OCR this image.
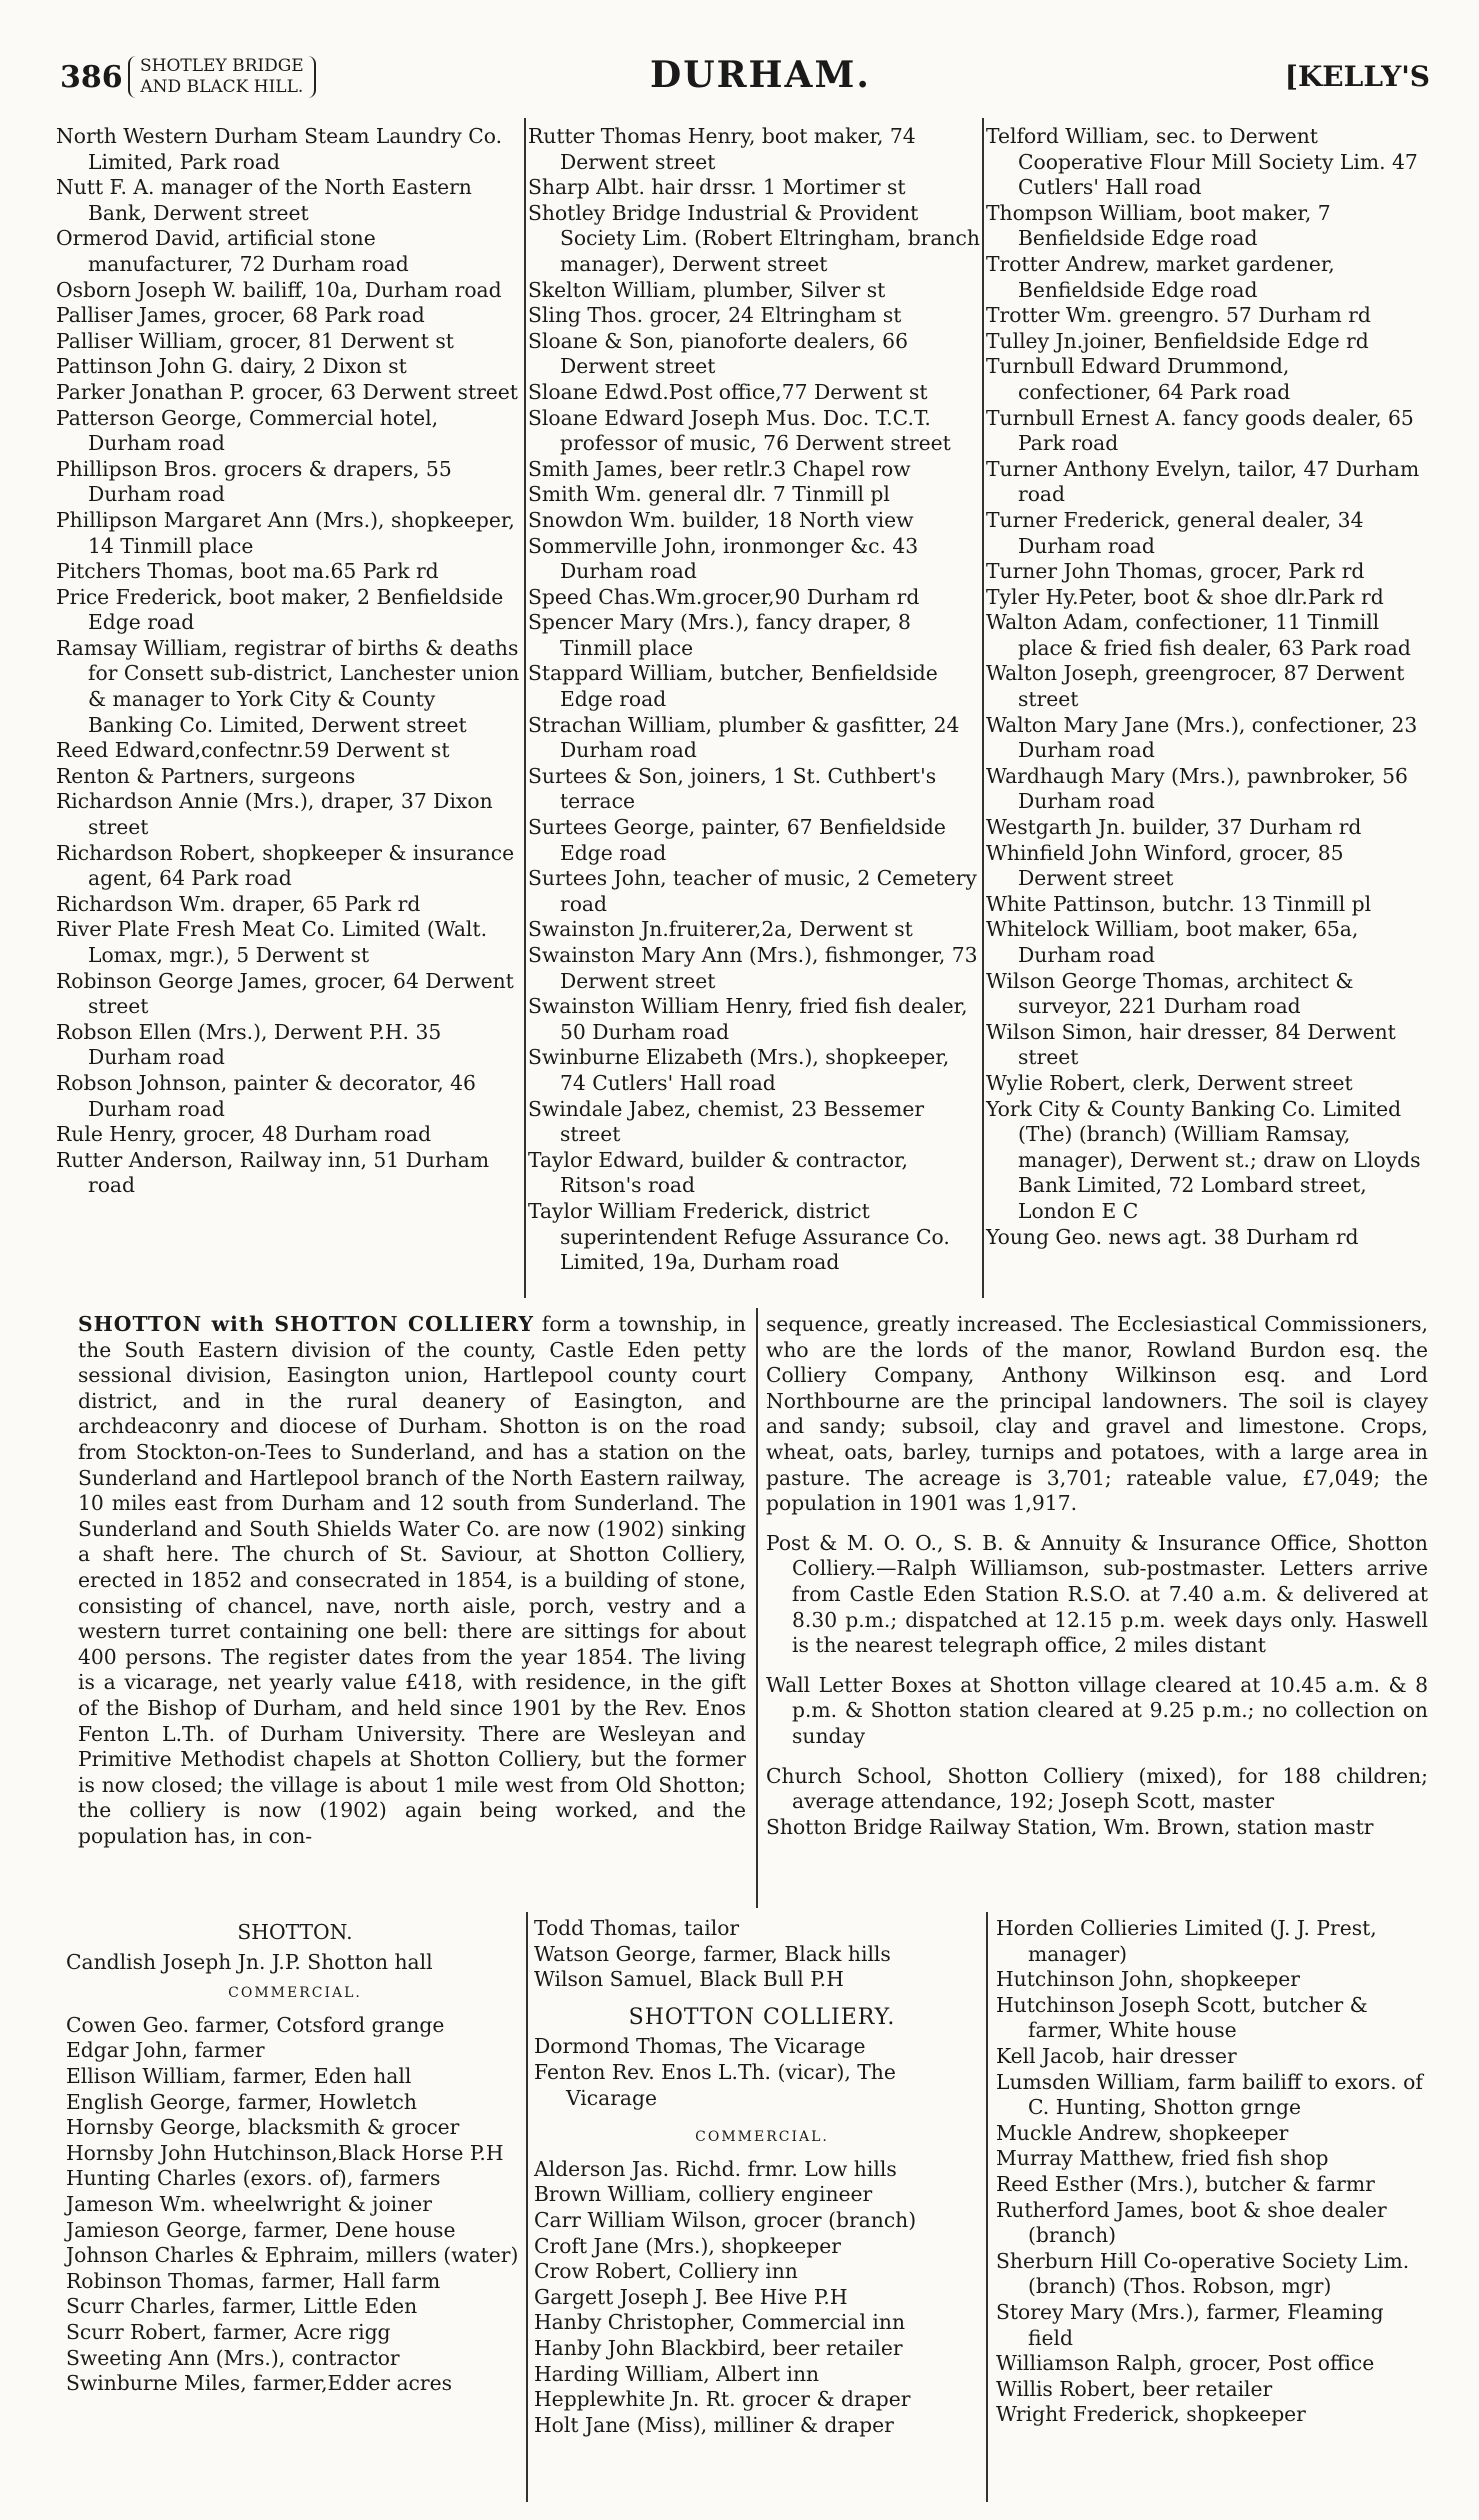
386 SHOTLEY BRIDGE
AND BLACK HILL.	DURHAM.	[KELLY'S

North Western Durham Steam Laundry Co. Limited, Park road

Nutt F. A. manager of the North Eastern Bank, Derwent street

Ormerod David, artificial stone manufacturer, 72 Durham road

Osborn Joseph W. bailiff, 10a, Durham road

Palliser James, grocer, 68 Park road

Palliser William, grocer, 81 Derwent st

Pattinson John G. dairy, 2 Dixon st

Parker Jonathan P. grocer, 63 Derwent street

Patterson George, Commercial hotel, Durham road

Phillipson Bros. grocers & drapers, 55 Durham road

Phillipson Margaret Ann (Mrs.), shopkeeper, 14 Tinmill place

Pitchers Thomas, boot ma.65 Park rd

Price Frederick, boot maker, 2 Benfieldside Edge road

Ramsay William, registrar of births & deaths for Consett sub-district, Lanchester union & manager to York City & County Banking Co. Limited, Derwent street

Reed Edward,confectnr.59 Derwent st

Renton & Partners, surgeons

Richardson Annie (Mrs.), draper, 37 Dixon street

Richardson Robert, shopkeeper & insurance agent, 64 Park road

Richardson Wm. draper, 65 Park rd

River Plate Fresh Meat Co. Limited (Walt. Lomax, mgr.), 5 Derwent st

Robinson George James, grocer, 64 Derwent street

Robson Ellen (Mrs.), Derwent P.H. 35 Durham road

Robson Johnson, painter & decorator, 46 Durham road

Rule Henry, grocer, 48 Durham road

Rutter Anderson, Railway inn, 51 Durham road

Rutter Thomas Henry, boot maker, 74 Derwent street

Sharp Albt. hair drssr. 1 Mortimer st

Shotley Bridge Industrial & Provident Society Lim. (Robert Eltringham, branch manager), Derwent street

Skelton William, plumber, Silver st

Sling Thos. grocer, 24 Eltringham st

Sloane & Son, pianoforte dealers, 66 Derwent street

Sloane Edwd.Post office,77 Derwent st

Sloane Edward Joseph Mus. Doc. T.C.T. professor of music, 76 Derwent street

Smith James, beer retlr.3 Chapel row

Smith Wm. general dlr. 7 Tinmill pl

Snowdon Wm. builder, 18 North view

Sommerville John, ironmonger &c. 43 Durham road

Speed Chas.Wm.grocer,90 Durham rd

Spencer Mary (Mrs.), fancy draper, 8 Tinmill place

Stappard William, butcher, Benfieldside Edge road

Strachan William, plumber & gasfitter, 24 Durham road

Surtees & Son, joiners, 1 St. Cuthbert's terrace

Surtees George, painter, 67 Benfieldside Edge road

Surtees John, teacher of music, 2 Cemetery road

Swainston Jn.fruiterer,2a, Derwent st

Swainston Mary Ann (Mrs.), fishmonger, 73 Derwent street

Swainston William Henry, fried fish dealer, 50 Durham road

Swinburne Elizabeth (Mrs.), shopkeeper, 74 Cutlers' Hall road

Swindale Jabez, chemist, 23 Bessemer street

Taylor Edward, builder & contractor, Ritson's road

Taylor William Frederick, district superintendent Refuge Assurance Co. Limited, 19a, Durham road

Telford William, sec. to Derwent Cooperative Flour Mill Society Lim. 47 Cutlers' Hall road

Thompson William, boot maker, 7 Benfieldside Edge road

Trotter Andrew, market gardener, Benfieldside Edge road

Trotter Wm. greengro. 57 Durham rd

Tulley Jn.joiner, Benfieldside Edge rd

Turnbull Edward Drummond, confectioner, 64 Park road

Turnbull Ernest A. fancy goods dealer, 65 Park road

Turner Anthony Evelyn, tailor, 47 Durham road

Turner Frederick, general dealer, 34 Durham road

Turner John Thomas, grocer, Park rd

Tyler Hy.Peter, boot & shoe dlr.Park rd

Walton Adam, confectioner, 11 Tinmill place & fried fish dealer, 63 Park road

Walton Joseph, greengrocer, 87 Derwent street

Walton Mary Jane (Mrs.), confectioner, 23 Durham road

Wardhaugh Mary (Mrs.), pawnbroker, 56 Durham road

Westgarth Jn. builder, 37 Durham rd

Whinfield John Winford, grocer, 85 Derwent street

White Pattinson, butchr. 13 Tinmill pl

Whitelock William, boot maker, 65a, Durham road

Wilson George Thomas, architect & surveyor, 221 Durham road

Wilson Simon, hair dresser, 84 Derwent street

Wylie Robert, clerk, Derwent street

York City & County Banking Co. Limited (The) (branch) (William Ramsay, manager), Derwent st.; draw on Lloyds Bank Limited, 72 Lombard street, London E C

Young Geo. news agt. 38 Durham rd

SHOTTON with SHOTTON COLLIERY form a township, in the South Eastern division of the county, Castle Eden petty sessional division, Easington union, Hartlepool county court district, and in the rural deanery of Easington, and archdeaconry and diocese of Durham. Shotton is on the road from Stockton-on-Tees to Sunderland, and has a station on the Sunderland and Hartlepool branch of the North Eastern railway, 10 miles east from Durham and 12 south from Sunderland. The Sunderland and South Shields Water Co. are now (1902) sinking a shaft here. The church of St. Saviour, at Shotton Colliery, erected in 1852 and consecrated in 1854, is a building of stone, consisting of chancel, nave, north aisle, porch, vestry and a western turret containing one bell: there are sittings for about 400 persons. The register dates from the year 1854. The living is a vicarage, net yearly value £418, with residence, in the gift of the Bishop of Durham, and held since 1901 by the Rev. Enos Fenton L.Th. of Durham University. There are Wesleyan and Primitive Methodist chapels at Shotton Colliery, but the former is now closed; the village is about 1 mile west from Old Shotton; the colliery is now (1902) again being worked, and the population has, in con-

sequence, greatly increased. The Ecclesiastical Commissioners, who are the lords of the manor, Rowland Burdon esq. the Colliery Company, Anthony Wilkinson esq. and Lord Northbourne are the principal landowners. The soil is clayey and sandy; subsoil, clay and gravel and limestone. Crops, wheat, oats, barley, turnips and potatoes, with a large area in pasture. The acreage is 3,701; rateable value, £7,049; the population in 1901 was 1,917.

Post & M. O. O., S. B. & Annuity & Insurance Office, Shotton Colliery.—Ralph Williamson, sub-postmaster. Letters arrive from Castle Eden Station R.S.O. at 7.40 a.m. & delivered at 8.30 p.m.; dispatched at 12.15 p.m. week days only. Haswell is the nearest telegraph office, 2 miles distant

Wall Letter Boxes at Shotton village cleared at 10.45 a.m. & 8 p.m. & Shotton station cleared at 9.25 p.m.; no collection on sunday

Church School, Shotton Colliery (mixed), for 188 children; average attendance, 192; Joseph Scott, master

Shotton Bridge Railway Station, Wm. Brown, station mastr

SHOTTON.

Candlish Joseph Jn. J.P. Shotton hall

COMMERCIAL.

Cowen Geo. farmer, Cotsford grange

Edgar John, farmer

Ellison William, farmer, Eden hall

English George, farmer, Howletch

Hornsby George, blacksmith & grocer

Hornsby John Hutchinson,Black Horse P.H

Hunting Charles (exors. of), farmers

Jameson Wm. wheelwright & joiner

Jamieson George, farmer, Dene house

Johnson Charles & Ephraim, millers (water)

Robinson Thomas, farmer, Hall farm

Scurr Charles, farmer, Little Eden

Scurr Robert, farmer, Acre rigg

Sweeting Ann (Mrs.), contractor

Swinburne Miles, farmer,Edder acres

Todd Thomas, tailor

Watson George, farmer, Black hills

Wilson Samuel, Black Bull P.H

SHOTTON COLLIERY.

Dormond Thomas, The Vicarage

Fenton Rev. Enos L.Th. (vicar), The Vicarage

COMMERCIAL.

Alderson Jas. Richd. frmr. Low hills

Brown William, colliery engineer

Carr William Wilson, grocer (branch)

Croft Jane (Mrs.), shopkeeper

Crow Robert, Colliery inn

Gargett Joseph J. Bee Hive P.H

Hanby Christopher, Commercial inn

Hanby John Blackbird, beer retailer

Harding William, Albert inn

Hepplewhite Jn. Rt. grocer & draper

Holt Jane (Miss), milliner & draper

Horden Collieries Limited (J. J. Prest, manager)

Hutchinson John, shopkeeper

Hutchinson Joseph Scott, butcher & farmer, White house

Kell Jacob, hair dresser

Lumsden William, farm bailiff to exors. of C. Hunting, Shotton grnge

Muckle Andrew, shopkeeper

Murray Matthew, fried fish shop

Reed Esther (Mrs.), butcher & farmr

Rutherford James, boot & shoe dealer (branch)

Sherburn Hill Co-operative Society Lim. (branch) (Thos. Robson, mgr)

Storey Mary (Mrs.), farmer, Fleaming field

Williamson Ralph, grocer, Post office

Willis Robert, beer retailer

Wright Frederick, shopkeeper
